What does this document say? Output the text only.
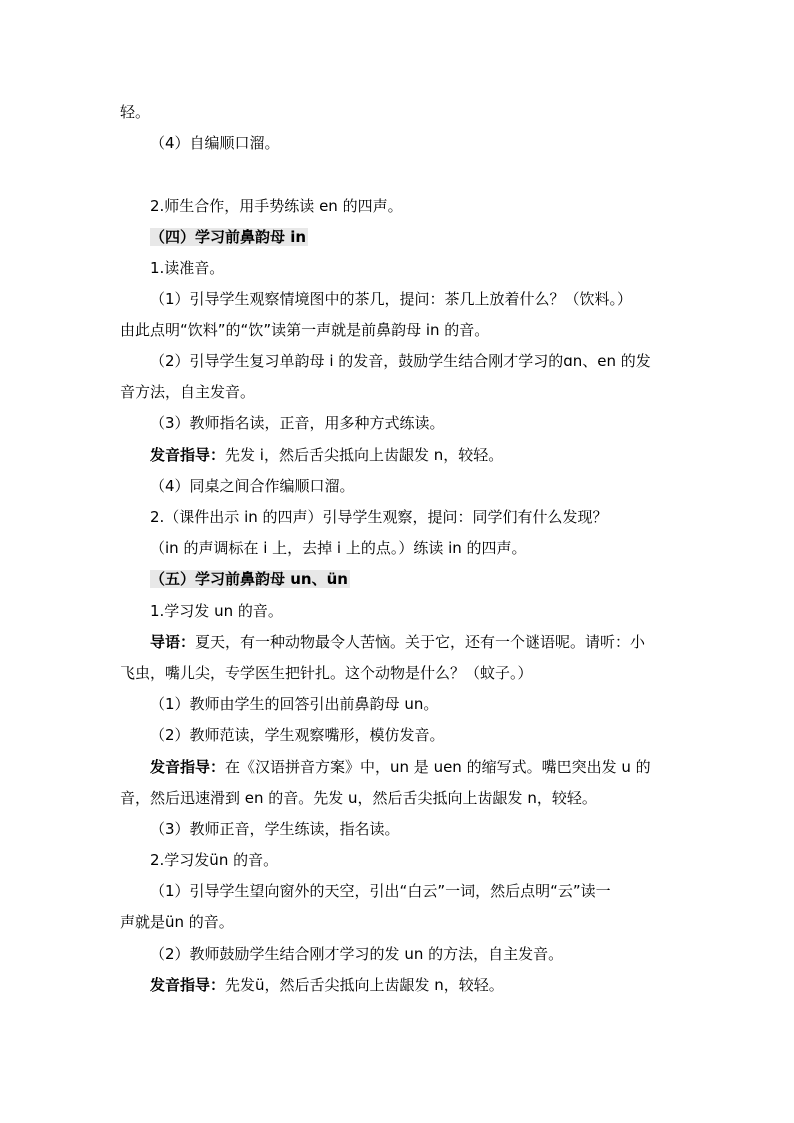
轻。
（4）自编顺口溜。
2.师生合作，用手势练读 en 的四声。
（四）学习前鼻韵母 in
1.读准音。
（1）引导学生观察情境图中的茶几，提问：茶几上放着什么？（饮料。）
由此点明“饮料”的“饮”读第一声就是前鼻韵母 in 的音。
（2）引导学生复习单韵母 i 的发音，鼓励学生结合刚才学习的ɑn、en 的发
音方法，自主发音。
（3）教师指名读，正音，用多种方式练读。
发音指导：先发 i，然后舌尖抵向上齿龈发 n，较轻。
（4）同桌之间合作编顺口溜。
2.（课件出示 in 的四声）引导学生观察，提问：同学们有什么发现？
（in 的声调标在 i 上，去掉 i 上的点。）练读 in 的四声。
（五）学习前鼻韵母 un、ün
1.学习发 un 的音。
导语：夏天，有一种动物最令人苦恼。关于它，还有一个谜语呢。请听：小
飞虫，嘴儿尖，专学医生把针扎。这个动物是什么？（蚊子。）
（1）教师由学生的回答引出前鼻韵母 un。
（2）教师范读，学生观察嘴形，模仿发音。
发音指导：在《汉语拼音方案》中，un 是 uen 的缩写式。嘴巴突出发 u 的
音，然后迅速滑到 en 的音。先发 u，然后舌尖抵向上齿龈发 n，较轻。
（3）教师正音，学生练读，指名读。
2.学习发ün 的音。
（1）引导学生望向窗外的天空，引出“白云”一词，然后点明“云”读一
声就是ün 的音。
（2）教师鼓励学生结合刚才学习的发 un 的方法，自主发音。
发音指导：先发ü，然后舌尖抵向上齿龈发 n，较轻。
